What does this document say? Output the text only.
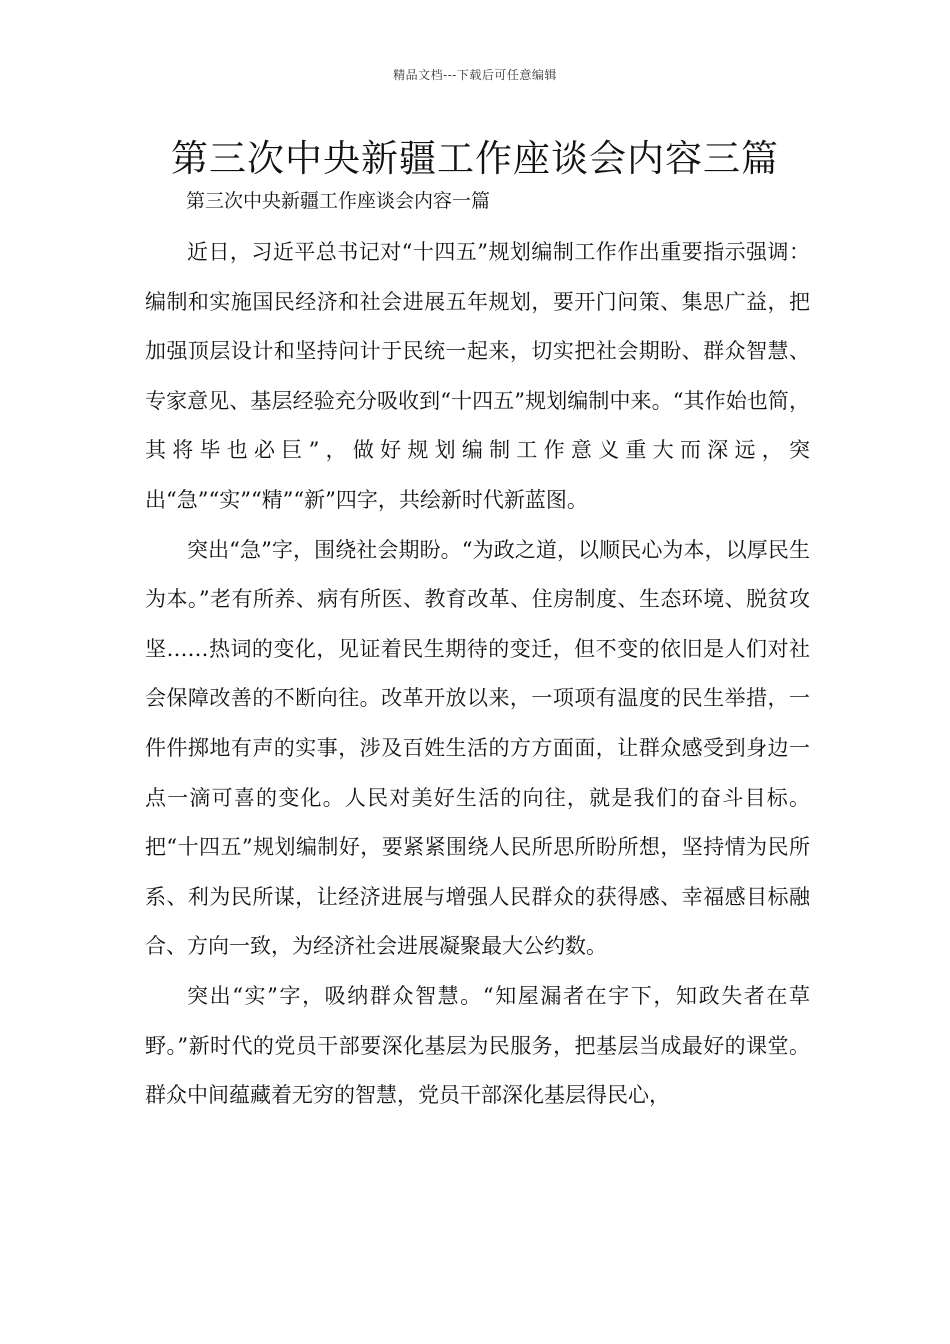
精品文档---下载后可任意编辑
第三次中央新疆工作座谈会内容三篇

第三次中央新疆工作座谈会内容一篇

近日，习近平总书记对“十四五”规划编制工作作出重要指示强调：编制和实施国民经济和社会进展五年规划，要开门问策、集思广益，把加强顶层设计和坚持问计于民统一起来，切实把社会期盼、群众智慧、专家意见、基层经验充分吸收到“十四五”规划编制中来。“其作始也简，其将毕也必巨”，做好规划编制工作意义重大而深远，突出“急”“实”“精”“新”四字，共绘新时代新蓝图。

突出“急”字，围绕社会期盼。“为政之道，以顺民心为本，以厚民生为本。”老有所养、病有所医、教育改革、住房制度、生态环境、脱贫攻坚……热词的变化，见证着民生期待的变迁，但不变的依旧是人们对社会保障改善的不断向往。改革开放以来，一项项有温度的民生举措，一件件掷地有声的实事，涉及百姓生活的方方面面，让群众感受到身边一点一滴可喜的变化。人民对美好生活的向往，就是我们的奋斗目标。把“十四五”规划编制好，要紧紧围绕人民所思所盼所想，坚持情为民所系、利为民所谋，让经济进展与增强人民群众的获得感、幸福感目标融合、方向一致，为经济社会进展凝聚最大公约数。

突出“实”字，吸纳群众智慧。“知屋漏者在宇下，知政失者在草野。”新时代的党员干部要深化基层为民服务，把基层当成最好的课堂。群众中间蕴藏着无穷的智慧，党员干部深化基层得民心，
